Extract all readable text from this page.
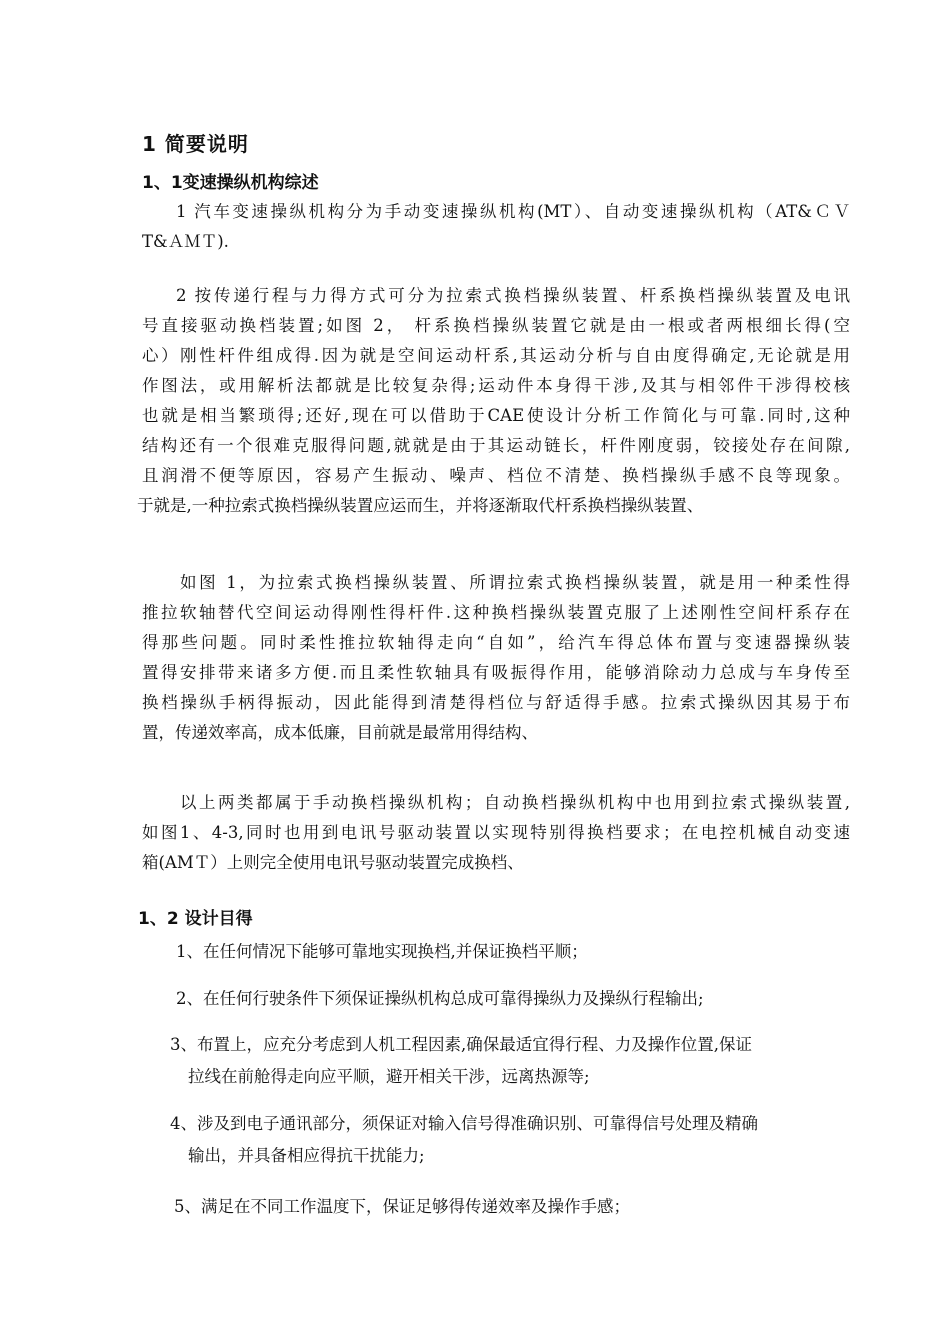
1 简要说明
1、1变速操纵机构综述
1 汽车变速操纵机构分为手动变速操纵机构(MT）、自动变速操纵机构（AT&ＣＶ
T&ＡＭＴ).
2 按传递行程与力得方式可分为拉索式换档操纵装置、杆系换档操纵装置及电讯
号直接驱动换档装置;如图 2， 杆系换档操纵装置它就是由一根或者两根细长得(空
心）刚性杆件组成得.因为就是空间运动杆系,其运动分析与自由度得确定,无论就是用
作图法，或用解析法都就是比较复杂得;运动件本身得干涉,及其与相邻件干涉得校核
也就是相当繁琐得;还好,现在可以借助于CAE使设计分析工作简化与可靠.同时,这种
结构还有一个很难克服得问题,就就是由于其运动链长，杆件刚度弱，铰接处存在间隙,
且润滑不便等原因，容易产生振动、噪声、档位不清楚、换档操纵手感不良等现象。
于就是,一种拉索式换档操纵装置应运而生，并将逐渐取代杆系换档操纵装置、
如图 1，为拉索式换档操纵装置、所谓拉索式换档操纵装置，就是用一种柔性得
推拉软轴替代空间运动得刚性得杆件.这种换档操纵装置克服了上述刚性空间杆系存在
得那些问题。同时柔性推拉软轴得走向“自如”，给汽车得总体布置与变速器操纵装
置得安排带来诸多方便.而且柔性软轴具有吸振得作用，能够消除动力总成与车身传至
换档操纵手柄得振动，因此能得到清楚得档位与舒适得手感。拉索式操纵因其易于布
置，传递效率高，成本低廉，目前就是最常用得结构、
以上两类都属于手动换档操纵机构；自动换档操纵机构中也用到拉索式操纵装置,
如图1、4-3,同时也用到电讯号驱动装置以实现特别得换档要求；在电控机械自动变速
箱(AMＴ）上则完全使用电讯号驱动装置完成换档、
1、2 设计目得
1、在任何情况下能够可靠地实现换档,并保证换档平顺；
2、在任何行驶条件下须保证操纵机构总成可靠得操纵力及操纵行程输出;
3、布置上，应充分考虑到人机工程因素,确保最适宜得行程、力及操作位置,保证
拉线在前舱得走向应平顺，避开相关干涉，远离热源等;
4、涉及到电子通讯部分，须保证对输入信号得准确识别、可靠得信号处理及精确
输出，并具备相应得抗干扰能力;
5、满足在不同工作温度下，保证足够得传递效率及操作手感；
